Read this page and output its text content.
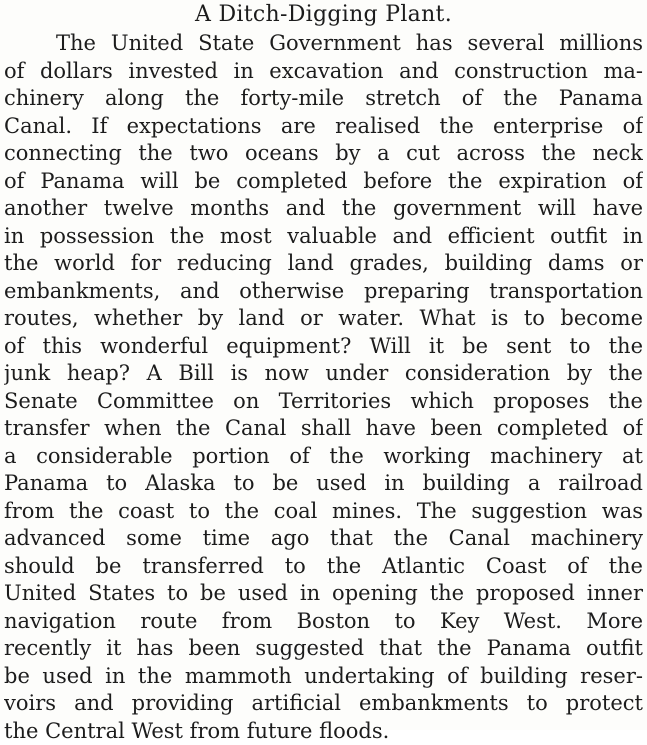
A Ditch-Digging Plant.
The United State Government has several millions
of dollars invested in excavation and construction ma-
chinery along the forty-mile stretch of the Panama
Canal. If expectations are realised the enterprise of
connecting the two oceans by a cut across the neck
of Panama will be completed before the expiration of
another twelve months and the government will have
in possession the most valuable and efficient outfit in
the world for reducing land grades, building dams or
embankments, and otherwise preparing transportation
routes, whether by land or water. What is to become
of this wonderful equipment? Will it be sent to the
junk heap? A Bill is now under consideration by the
Senate Committee on Territories which proposes the
transfer when the Canal shall have been completed of
a considerable portion of the working machinery at
Panama to Alaska to be used in building a railroad
from the coast to the coal mines. The suggestion was
advanced some time ago that the Canal machinery
should be transferred to the Atlantic Coast of the
United States to be used in opening the proposed inner
navigation route from Boston to Key West. More
recently it has been suggested that the Panama outfit
be used in the mammoth undertaking of building reser-
voirs and providing artificial embankments to protect
the Central West from future floods.
